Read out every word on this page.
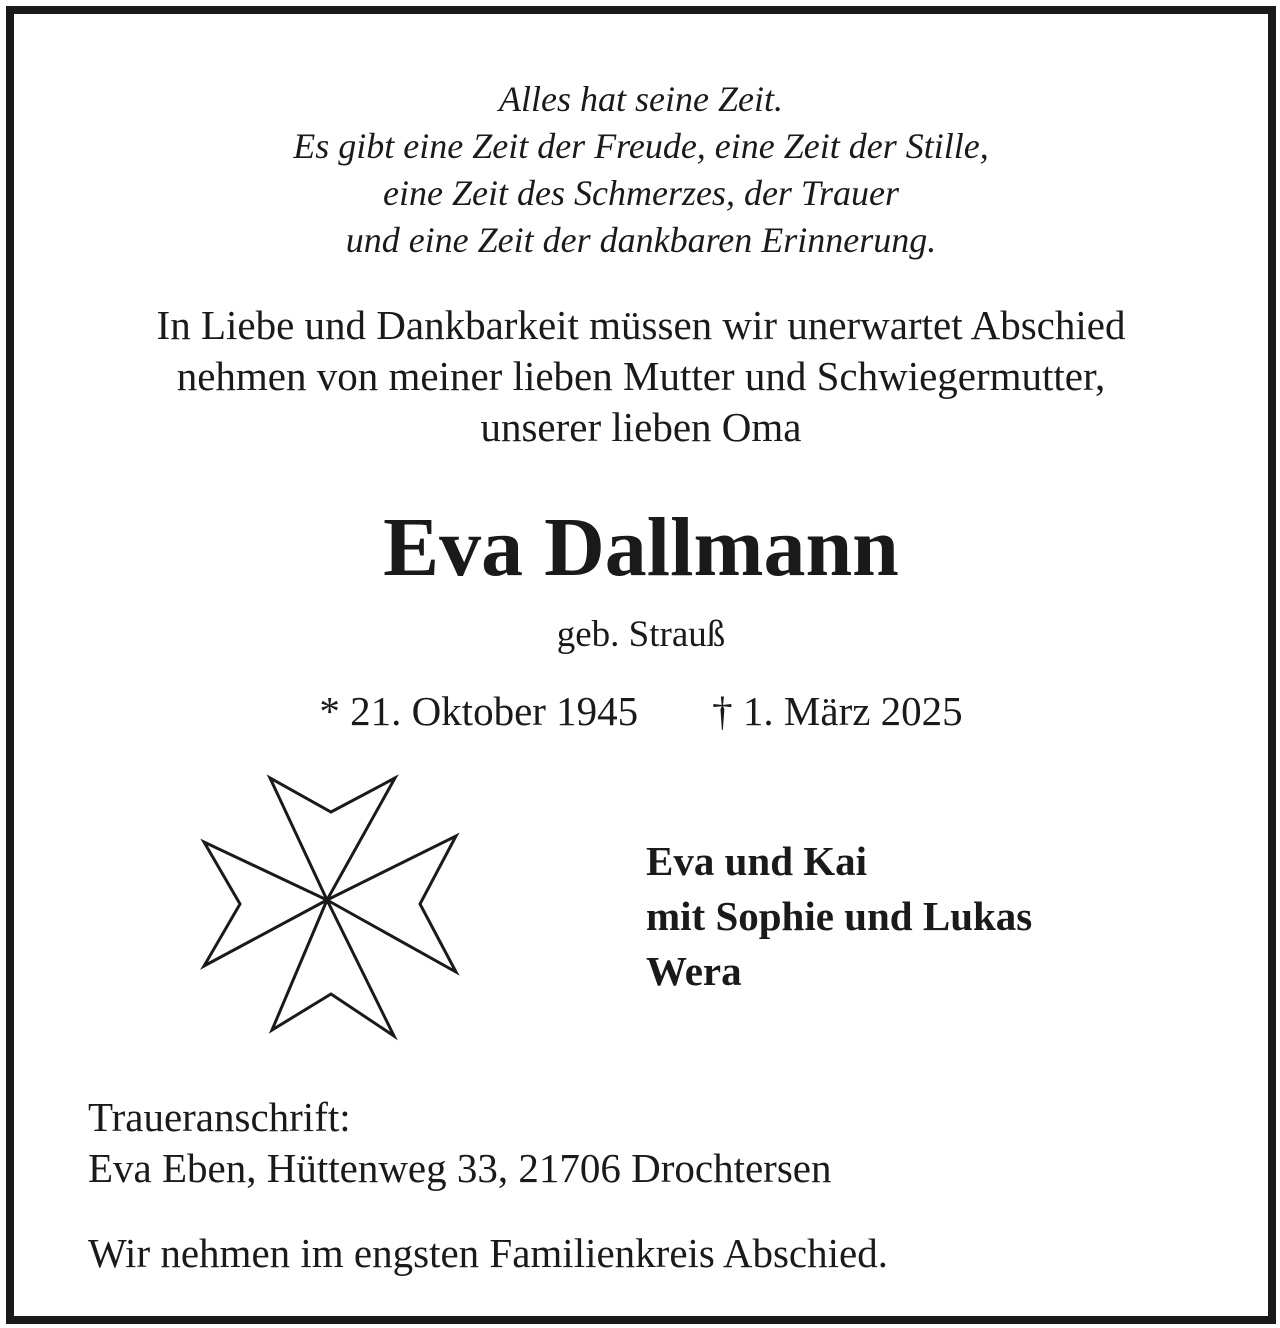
Alles hat seine Zeit.
Es gibt eine Zeit der Freude, eine Zeit der Stille,
eine Zeit des Schmerzes, der Trauer
und eine Zeit der dankbaren Erinnerung.
In Liebe und Dankbarkeit müssen wir unerwartet Abschied
nehmen von meiner lieben Mutter und Schwiegermutter,
unserer lieben Oma
Eva Dallmann
geb. Strauß
* 21. Oktober 1945 † 1. März 2025
Eva und Kai
mit Sophie und Lukas
Wera
Traueranschrift:
Eva Eben, Hüttenweg 33, 21706 Drochtersen
Wir nehmen im engsten Familienkreis Abschied.
